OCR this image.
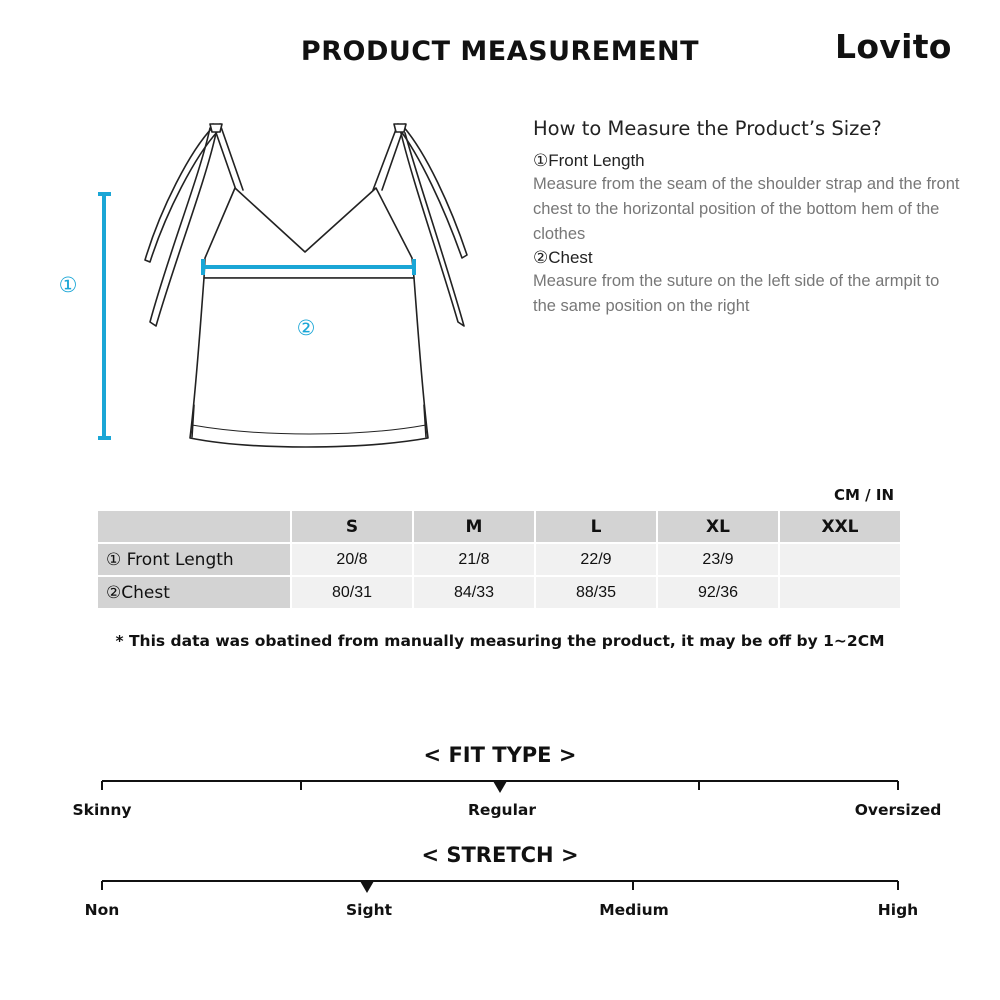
PRODUCT MEASUREMENT	Lovito
①
②
How to Measure the Product’s Size?
①Front Length
Measure from the seam of the shoulder strap and the front chest to the horizontal position of the bottom hem of the clothes
②Chest
Measure from the suture on the left side of the armpit to the same position on the right
CM / IN
	S	M	L	XL	XXL
① Front Length	20/8	21/8	22/9	23/9	
②Chest	80/31	84/33	88/35	92/36	
* This data was obatined from manually measuring the product, it may be off by 1~2CM
< FIT TYPE >
Skinny	Regular	Oversized
< STRETCH >
Non	Sight	Medium	High
